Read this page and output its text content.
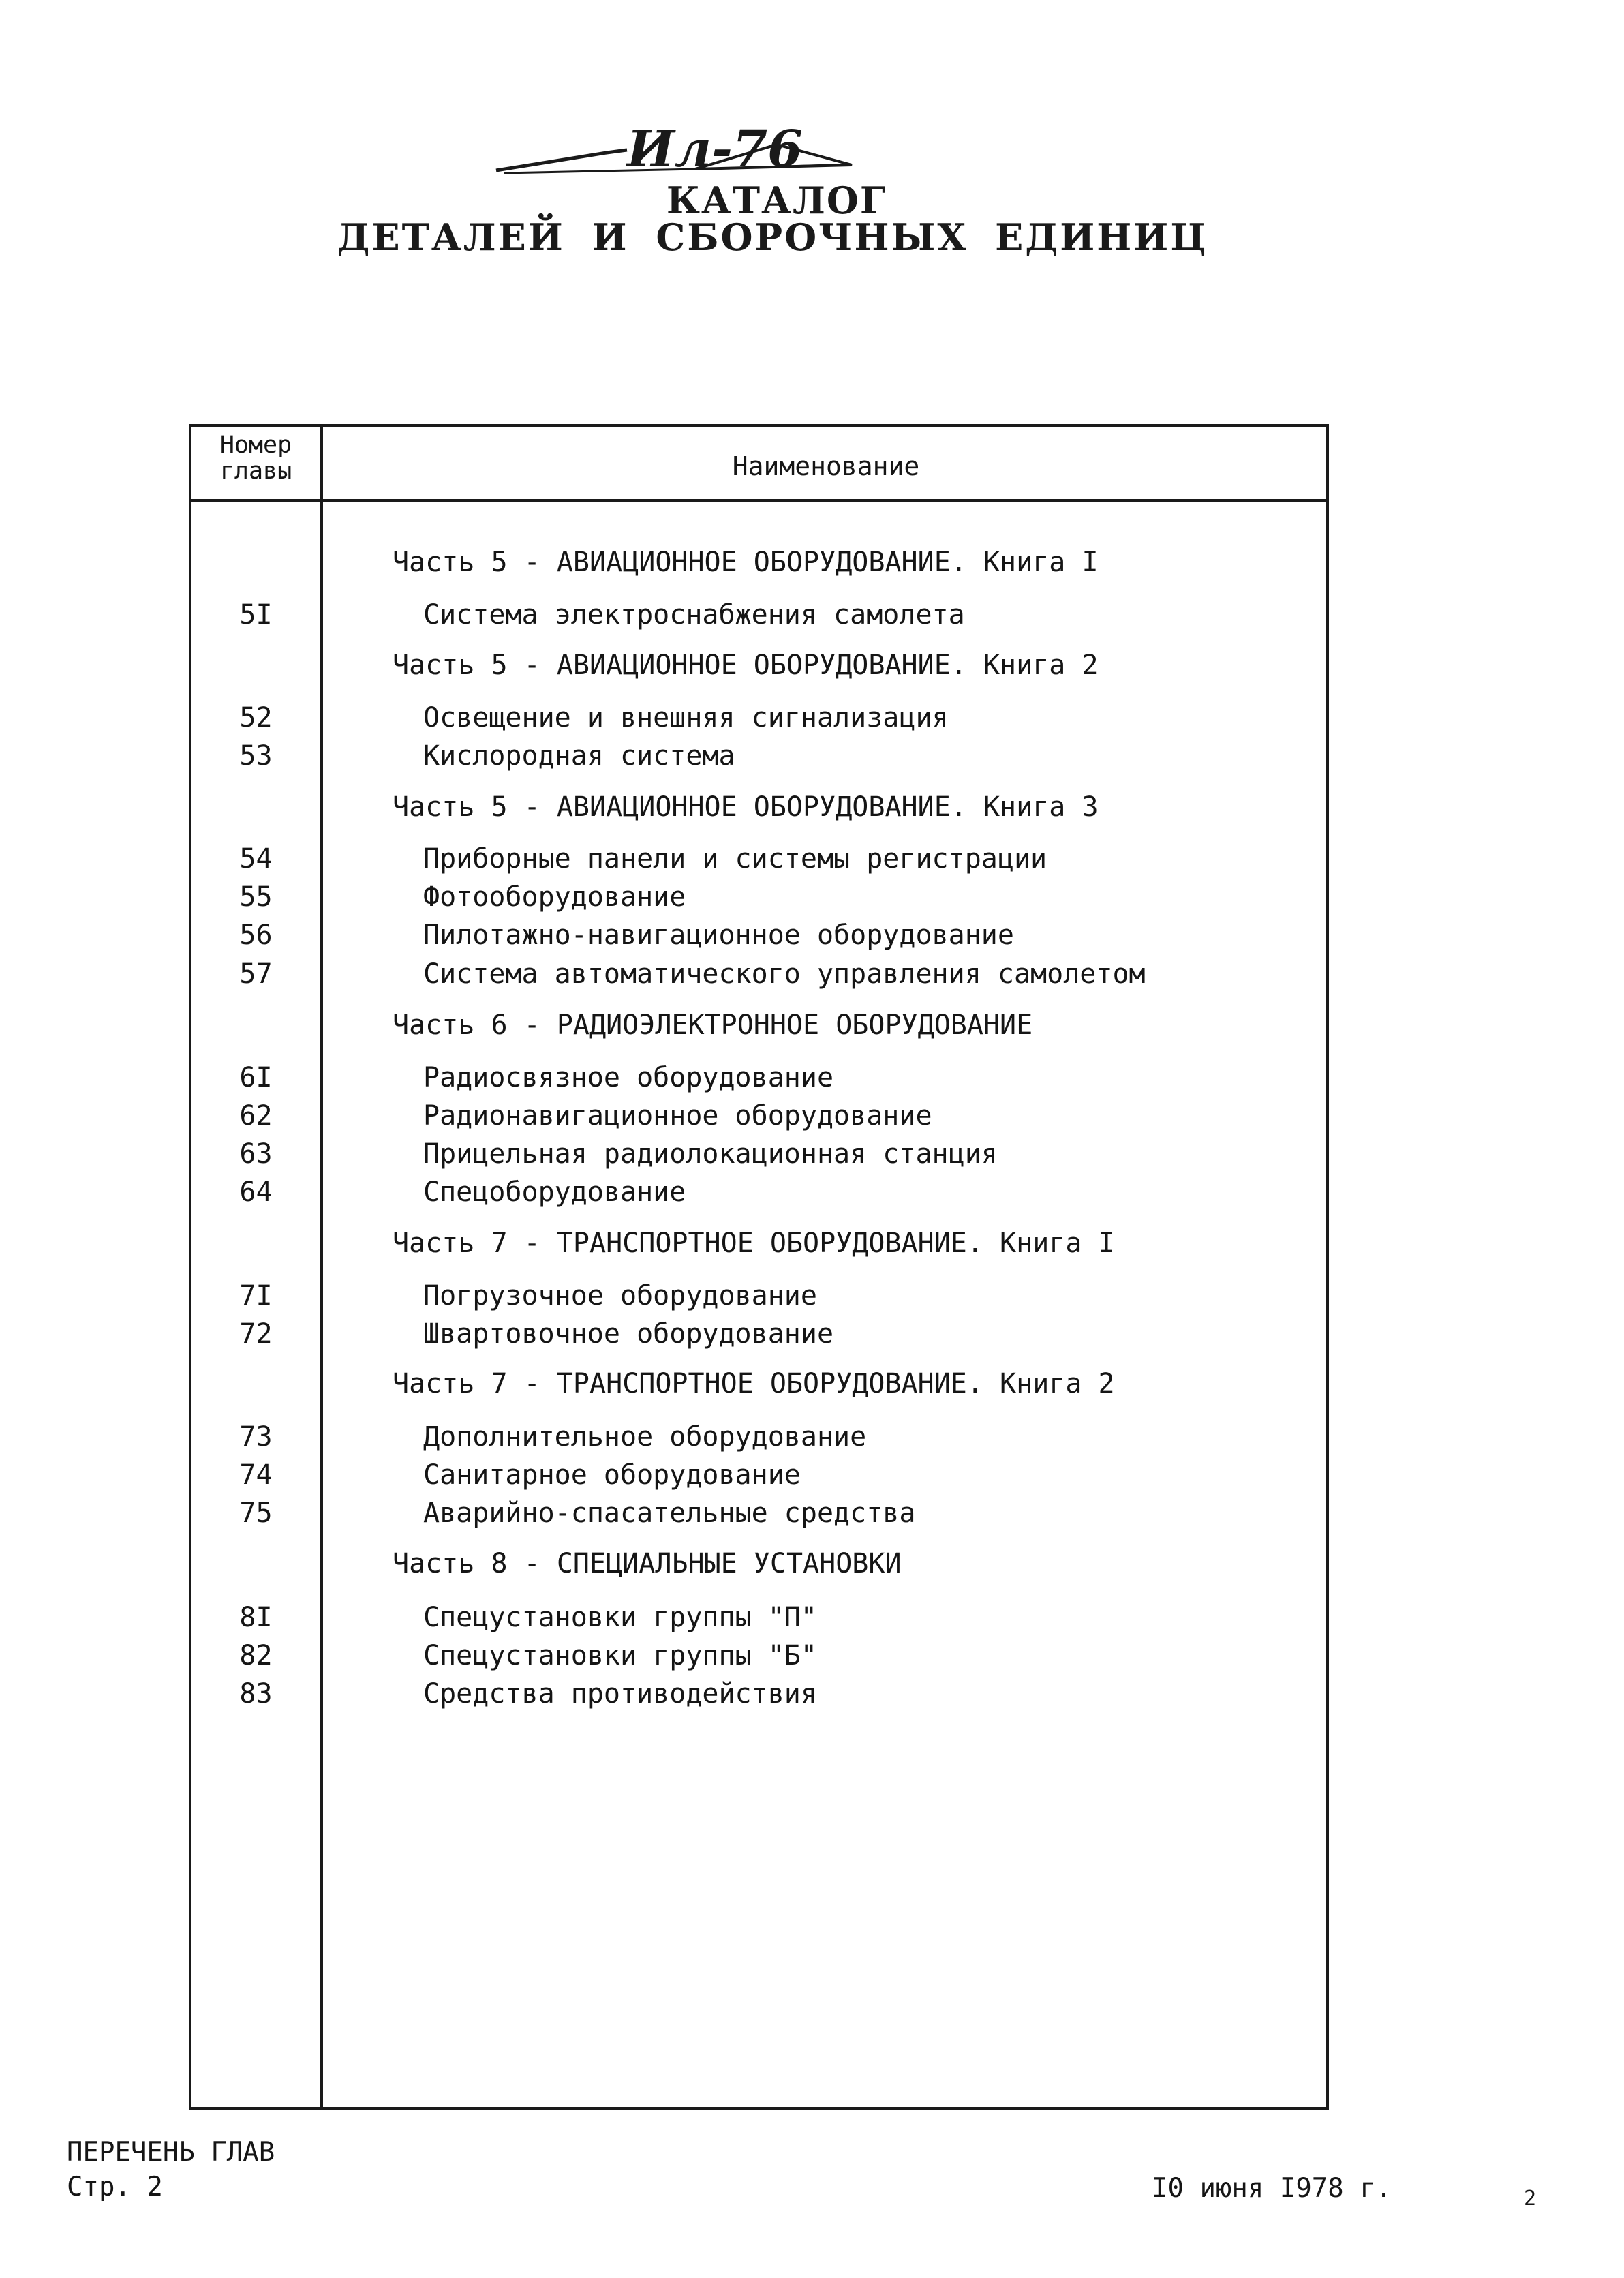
Ил-76
КАТАЛОГ
ДЕТАЛЕЙ И СБОРОЧНЫХ ЕДИНИЦ
Номер
главы	Наименование
Часть 5 - АВИАЦИОННОЕ ОБОРУДОВАНИЕ. Книга I
5I	Система электроснабжения самолета
Часть 5 - АВИАЦИОННОЕ ОБОРУДОВАНИЕ. Книга 2
52	Освещение и внешняя сигнализация
53	Кислородная система
Часть 5 - АВИАЦИОННОЕ ОБОРУДОВАНИЕ. Книга 3
54	Приборные панели и системы регистрации
55	Фотооборудование
56	Пилотажно-навигационное оборудование
57	Система автоматического управления самолетом
Часть 6 - РАДИОЭЛЕКТРОННОЕ ОБОРУДОВАНИЕ
6I	Радиосвязное оборудование
62	Радионавигационное оборудование
63	Прицельная радиолокационная станция
64	Спецоборудование
Часть 7 - ТРАНСПОРТНОЕ ОБОРУДОВАНИЕ. Книга I
7I	Погрузочное оборудование
72	Швартовочное оборудование
Часть 7 - ТРАНСПОРТНОЕ ОБОРУДОВАНИЕ. Книга 2
73	Дополнительное оборудование
74	Санитарное оборудование
75	Аварийно-спасательные средства
Часть 8 - СПЕЦИАЛЬНЫЕ УСТАНОВКИ
8I	Спецустановки группы "П"
82	Спецустановки группы "Б"
83	Средства противодействия
ПЕРЕЧЕНЬ ГЛАВ
Стр. 2	I0 июня I978 г.	2
